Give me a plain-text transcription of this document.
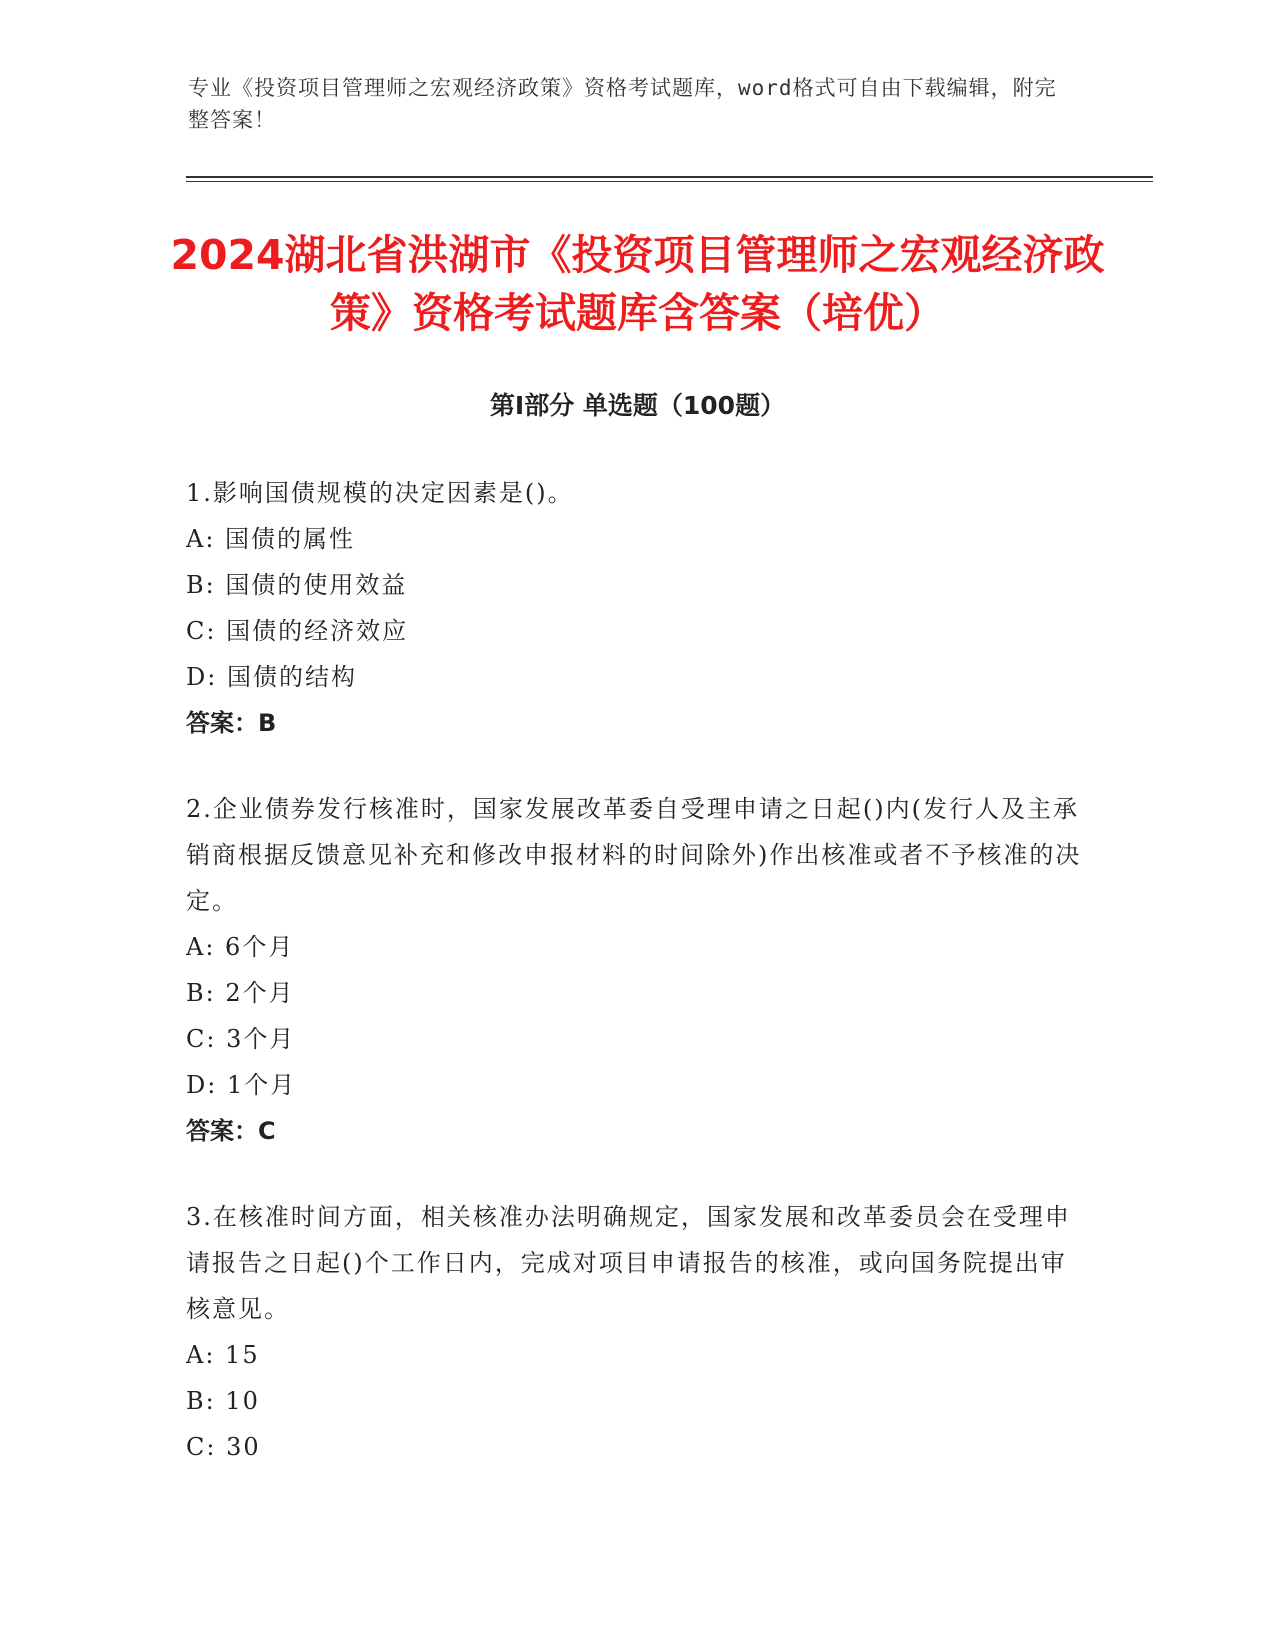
专业《投资项目管理师之宏观经济政策》资格考试题库，word格式可自由下载编辑，附完整答案！
2024湖北省洪湖市《投资项目管理师之宏观经济政策》资格考试题库含答案（培优）
第I部分 单选题（100题）

1.影响国债规模的决定因素是()。

A: 国债的属性

B: 国债的使用效益

C: 国债的经济效应

D: 国债的结构

答案：B

2.企业债券发行核准时，国家发展改革委自受理申请之日起()内(发行人及主承销商根据反馈意见补充和修改申报材料的时间除外)作出核准或者不予核准的决定。

A: 6个月

B: 2个月

C: 3个月

D: 1个月

答案：C

3.在核准时间方面，相关核准办法明确规定，国家发展和改革委员会在受理申请报告之日起()个工作日内，完成对项目申请报告的核准，或向国务院提出审核意见。

A: 15

B: 10

C: 30
